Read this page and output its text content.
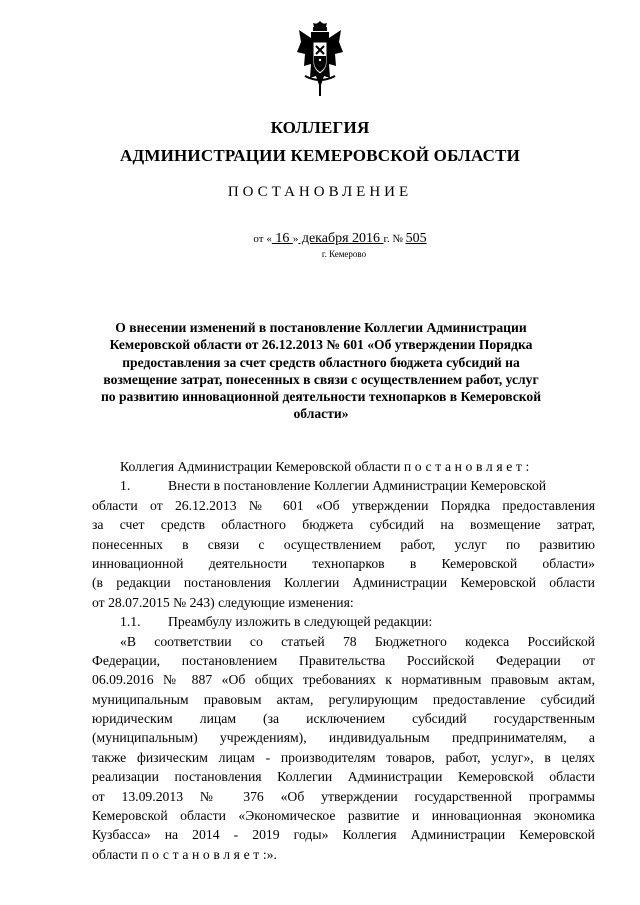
КОЛЛЕГИЯ
АДМИНИСТРАЦИИ КЕМЕРОВСКОЙ ОБЛАСТИ
ПОСТАНОВЛЕНИЕ
от « 16 » декабря 2016 г. № 505
г. Кемерово
О внесении изменений в постановление Коллегии Администрации
Кемеровской области от 26.12.2013 № 601 «Об утверждении Порядка
предоставления за счет средств областного бюджета субсидий на
возмещение затрат, понесенных в связи с осуществлением работ, услуг
по развитию инновационной деятельности технопарков в Кемеровской
области»
Коллегия Администрации Кемеровской области постановляет:
1.	Внести в постановление Коллегии Администрации Кемеровской
области от 26.12.2013 № 601 «Об утверждении Порядка предоставления
за счет средств областного бюджета субсидий на возмещение затрат,
понесенных в связи с осуществлением работ, услуг по развитию
инновационной деятельности технопарков в Кемеровской области»
(в редакции постановления Коллегии Администрации Кемеровской области
от 28.07.2015 № 243) следующие изменения:
1.1. Преамбулу изложить в следующей редакции:
«В соответствии со статьей 78 Бюджетного кодекса Российской
Федерации, постановлением Правительства Российской Федерации от
06.09.2016 № 887 «Об общих требованиях к нормативным правовым актам,
муниципальным правовым актам, регулирующим предоставление субсидий
юридическим лицам (за исключением субсидий государственным
(муниципальным) учреждениям), индивидуальным предпринимателям, а
также физическим лицам - производителям товаров, работ, услуг», в целях
реализации постановления Коллегии Администрации Кемеровской области
от 13.09.2013 № 376 «Об утверждении государственной программы
Кемеровской области «Экономическое развитие и инновационная экономика
Кузбасса» на 2014 - 2019 годы» Коллегия Администрации Кемеровской
области постановляет:».
